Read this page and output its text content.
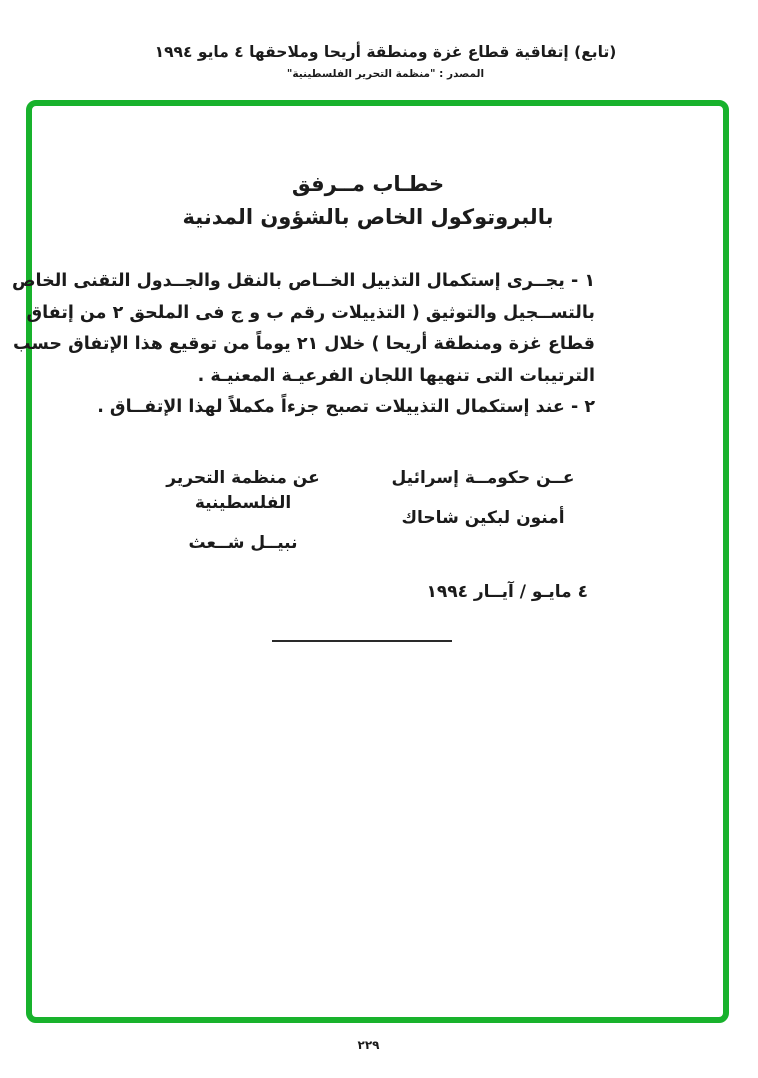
(تابع) إتفاقية قطاع غزة ومنطقة أريحا وملاحقها ٤ مايو ١٩٩٤
المصدر : "منظمة التحرير الفلسطينية"
خطـاب مــرفق
بالبروتوكول الخاص بالشؤون المدنية
١ - يجــرى إستكمال التذييل الخــاص بالنقل والجــدول التقنى الخاص
بالتســجيل والتوثيق ( التذييلات رقم ب و ج فى الملحق ٢ من إتفاق
قطاع غزة ومنطقة أريحا ) خلال ٢١ يوماً من توقيع هذا الإتفاق حسب
الترتيبات التى تنهيها اللجان الفرعيـة المعنيـة .
٢ - عند إستكمال التذييلات تصبح جزءاً مكملاً لهذا الإتفــاق .
عــن حكومــة إسرائيل
أمنون لبكين شاحاك
عن منظمة التحرير الفلسطينية
نبيــل شــعث
٤ مايـو / آيــار ١٩٩٤
٢٢٩
